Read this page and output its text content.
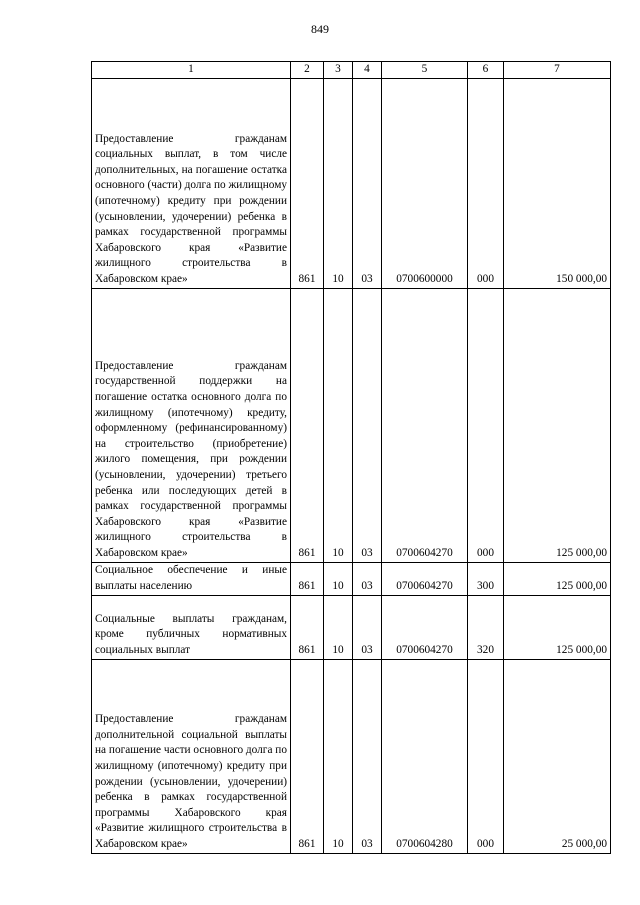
849
1	2	3	4	5	6	7

Предоставление гражданам социальных выплат, в том числе дополнительных, на погашение остатка основного (части) долга по жилищному (ипотечному) кредиту при рождении (усыновлении, удочерении) ребенка в рамках государственной программы Хабаровского края «Развитие жилищного строительства в Хабаровском крае»	861	10	03	0700600000	000	150 000,00

Предоставление гражданам государственной поддержки на погашение остатка основного долга по жилищному (ипотечному) кредиту, оформленному (рефинансированному) на строительство (приобретение) жилого помещения, при рождении (усыновлении, удочерении) третьего ребенка или последующих детей в рамках государственной программы Хабаровского края «Развитие жилищного строительства в Хабаровском крае»	861	10	03	0700604270	000	125 000,00

Социальное обеспечение и иные выплаты населению	861	10	03	0700604270	300	125 000,00

Социальные выплаты гражданам, кроме публичных нормативных социальных выплат	861	10	03	0700604270	320	125 000,00

Предоставление гражданам дополнительной социальной выплаты на погашение части основного долга по жилищному (ипотечному) кредиту при рождении (усыновлении, удочерении) ребенка в рамках государственной программы Хабаровского края «Развитие жилищного строительства в Хабаровском крае»	861	10	03	0700604280	000	25 000,00
